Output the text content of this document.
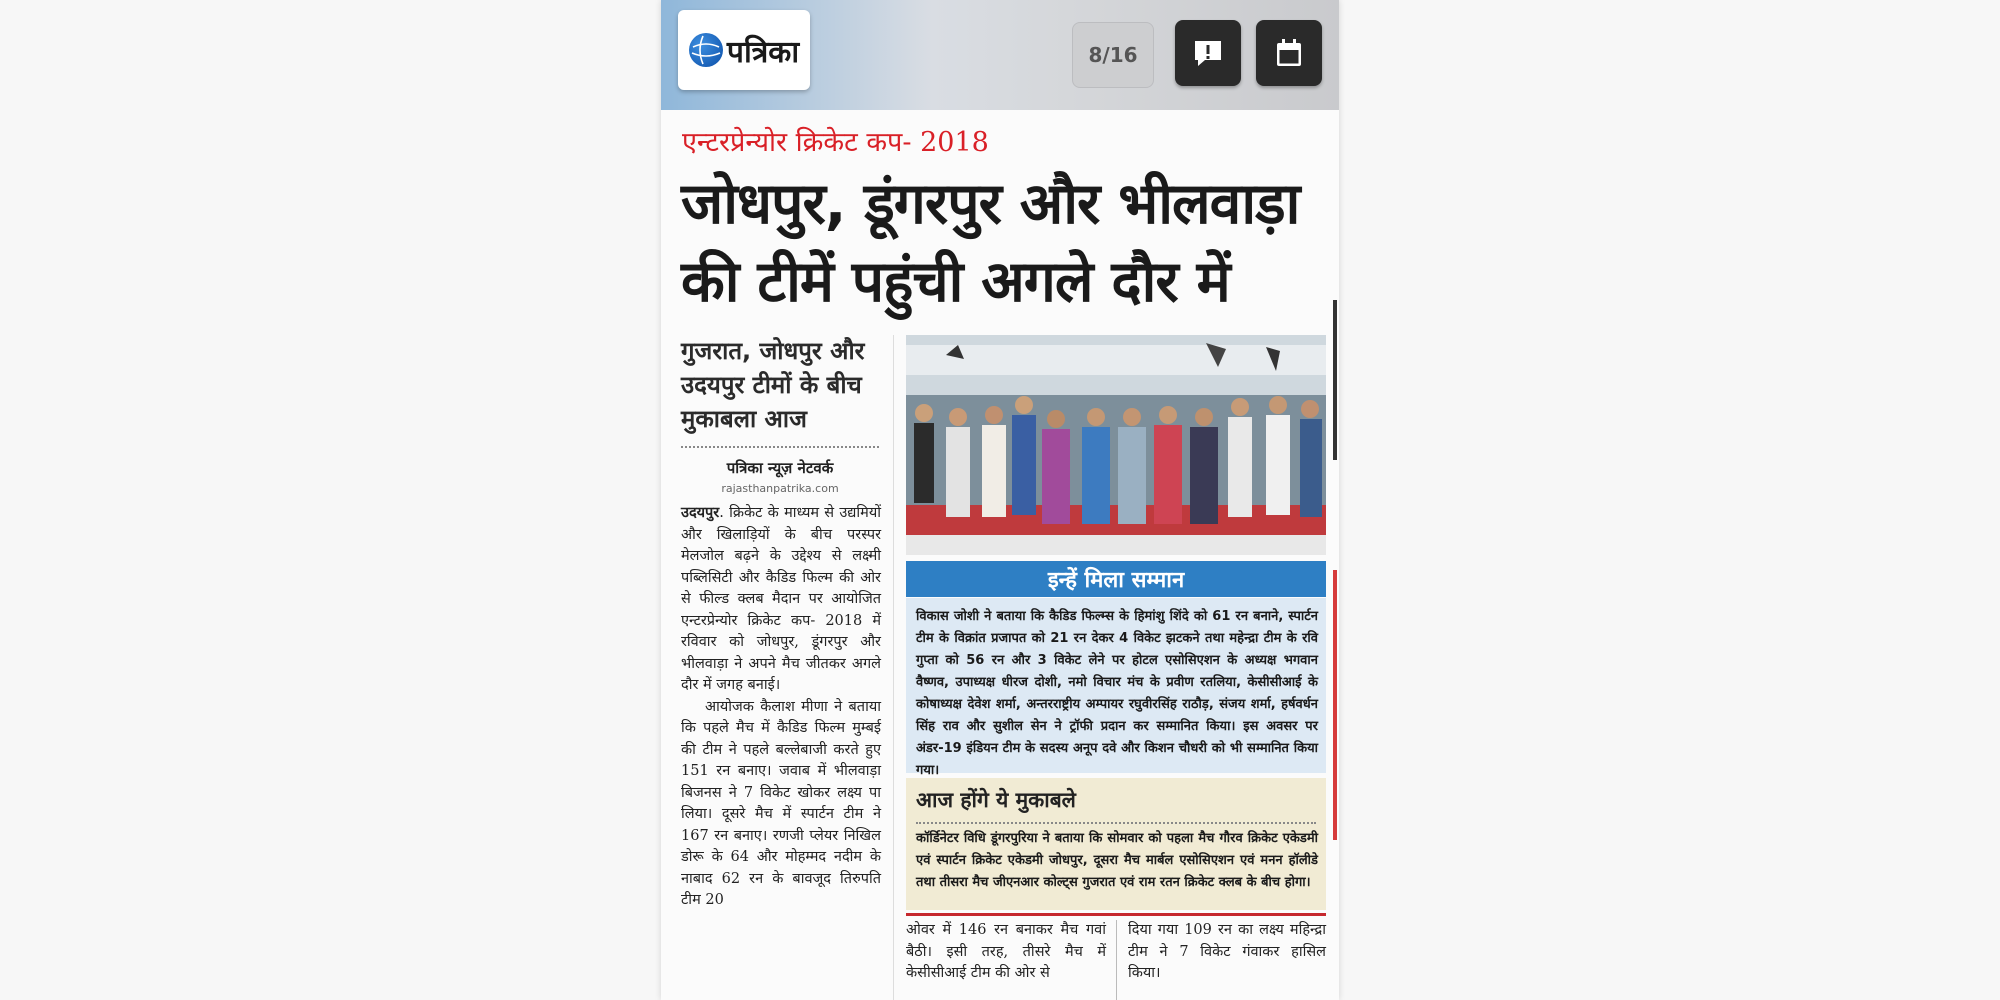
पत्रिका	8/16
एन्टरप्रेन्योर क्रिकेट कप- 2018
जोधपुर, डूंगरपुर और भीलवाड़ा की टीमें पहुंची अगले दौर में
गुजरात, जोधपुर और उदयपुर टीमों के बीच मुकाबला आज
पत्रिका न्यूज़ नेटवर्क
rajasthanpatrika.com

उदयपुर. क्रिकेट के माध्यम से उद्यमियों और खिलाड़ियों के बीच परस्पर मेलजोल बढ़ने के उद्देश्य से लक्ष्मी पब्लिसिटी और कैडिड फिल्म की ओर से फील्ड क्लब मैदान पर आयोजित एन्टरप्रेन्योर क्रिकेट कप- 2018 में रविवार को जोधपुर, डूंगरपुर और भीलवाड़ा ने अपने मैच जीतकर अगले दौर में जगह बनाई।

आयोजक कैलाश मीणा ने बताया कि पहले मैच में कैडिड फिल्म मुम्बई की टीम ने पहले बल्लेबाजी करते हुए 151 रन बनाए। जवाब में भीलवाड़ा बिजनस ने 7 विकेट खोकर लक्ष्य पा लिया। दूसरे मैच में स्पार्टन टीम ने 167 रन बनाए। रणजी प्लेयर निखिल डोरू के 64 और मोहम्मद नदीम के नाबाद 62 रन के बावजूद तिरुपति टीम 20

इन्हें मिला सम्मान
विकास जोशी ने बताया कि कैडिड फिल्म्स के हिमांशु शिंदे को 61 रन बनाने, स्पार्टन टीम के विक्रांत प्रजापत को 21 रन देकर 4 विकेट झटकने तथा महेन्द्रा टीम के रवि गुप्ता को 56 रन और 3 विकेट लेने पर होटल एसोसिएशन के अध्यक्ष भगवान वैष्णव, उपाध्यक्ष धीरज दोशी, नमो विचार मंच के प्रवीण रतलिया, केसीसीआई के कोषाध्यक्ष देवेश शर्मा, अन्तरराष्ट्रीय अम्पायर रघुवीरसिंह राठौड़, संजय शर्मा, हर्षवर्धन सिंह राव और सुशील सेन ने ट्रॉफी प्रदान कर सम्मानित किया। इस अवसर पर अंडर-19 इंडियन टीम के सदस्य अनूप दवे और किशन चौधरी को भी सम्मानित किया गया।
आज होंगे ये मुकाबले
कॉर्डिनेटर विधि डूंगरपुरिया ने बताया कि सोमवार को पहला मैच गौरव क्रिकेट एकेडमी एवं स्पार्टन क्रिकेट एकेडमी जोधपुर, दूसरा मैच मार्बल एसोसिएशन एवं मनन हॉलीडे तथा तीसरा मैच जीएनआर कोल्ट्स गुजरात एवं राम रतन क्रिकेट क्लब के बीच होगा।
ओवर में 146 रन बनाकर मैच गवां बैठी। इसी तरह, तीसरे मैच में केसीसीआई टीम की ओर से
दिया गया 109 रन का लक्ष्य महिन्द्रा टीम ने 7 विकेट गंवाकर हासिल किया।
